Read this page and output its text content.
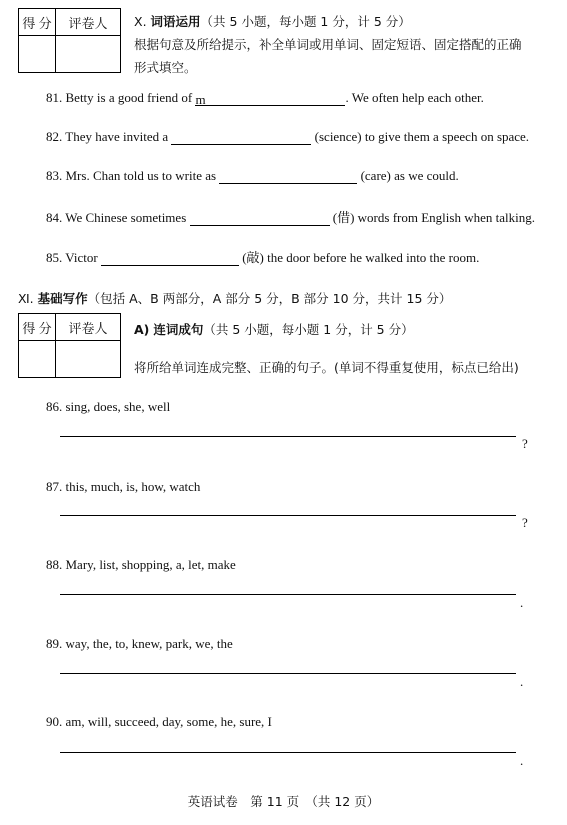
得 分	评卷人
	Ⅹ. 词语运用（共 5 小题，每小题 1 分，计 5 分）
根据句意及所给提示，补全单词或用单词、固定短语、固定搭配的正确
形式填空。
81. Betty is a good friend of m	. We often help each other.
82. They have invited a	(science) to give them a speech on space.
83. Mrs. Chan told us to write as	(care) as we could.
84. We Chinese sometimes	(借) words from English when talking.
85. Victor	(敲) the door before he walked into the room.
Ⅺ. 基础写作（包括 A、B 两部分，A 部分 5 分，B 部分 10 分，共计 15 分）
得 分	评卷人
	A) 连词成句（共 5 小题，每小题 1 分，计 5 分）
将所给单词连成完整、正确的句子。(单词不得重复使用，标点已给出)
86. sing, does, she, well
?
87. this, much, is, how, watch
?
88. Mary, list, shopping, a, let, make
.
89. way, the, to, knew, park, we, the
.
90. am, will, succeed, day, some, he, sure, I
.
英语试卷　第 11 页　（共 12 页）
